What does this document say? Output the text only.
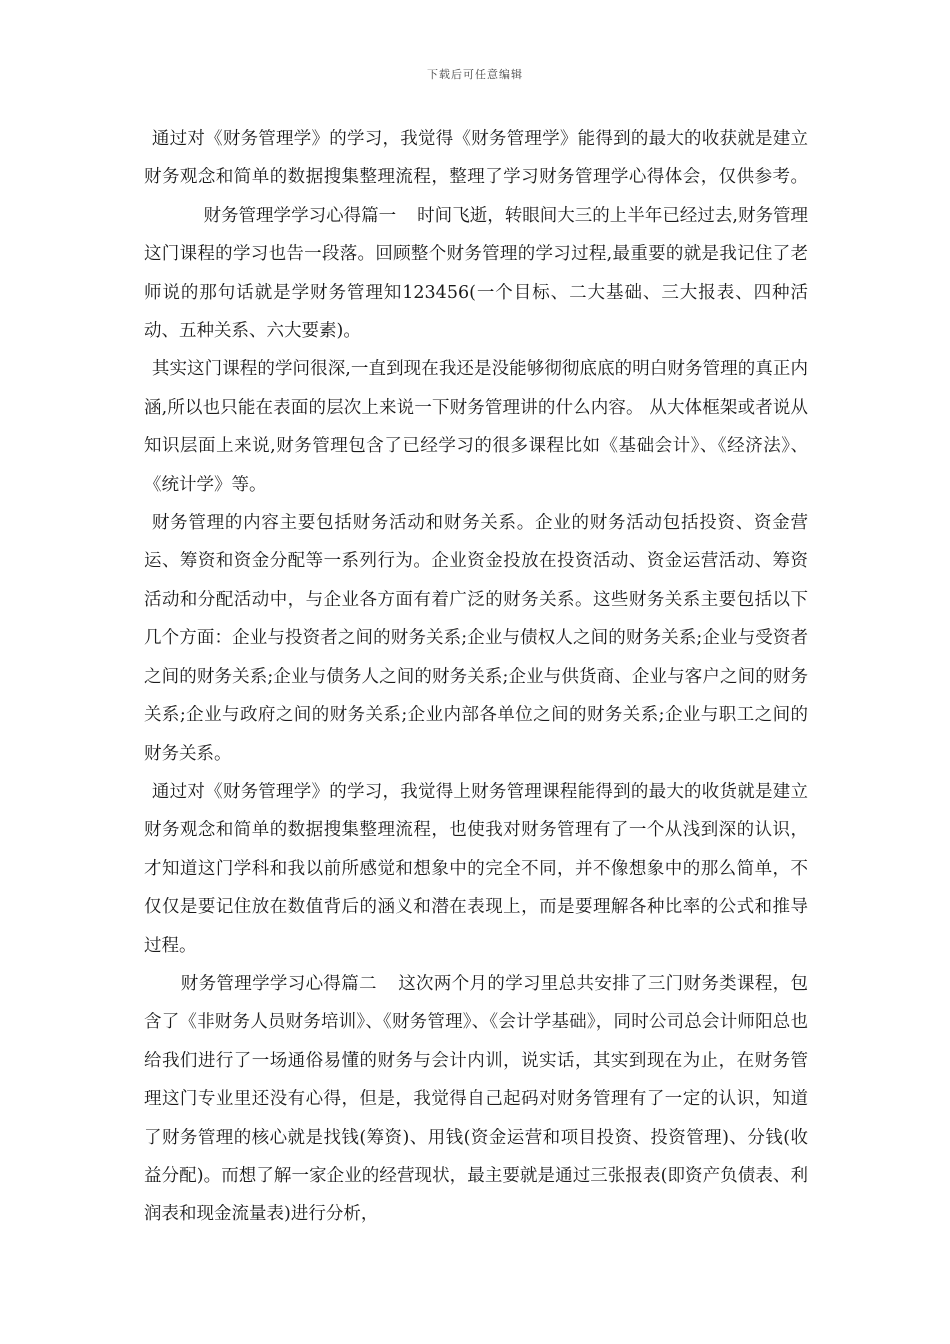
下载后可任意编辑

通过对《财务管理学》的学习，我觉得《财务管理学》能得到的最大的收获就是建立财务观念和简单的数据搜集整理流程，整理了学习财务管理学心得体会，仅供参考。财务管理学学习心得篇一 时间飞逝，转眼间大三的上半年已经过去,财务管理这门课程的学习也告一段落。回顾整个财务管理的学习过程,最重要的就是我记住了老师说的那句话就是学财务管理知123456(一个目标、二大基础、三大报表、四种活动、五种关系、六大要素)。

其实这门课程的学问很深,一直到现在我还是没能够彻彻底底的明白财务管理的真正内涵,所以也只能在表面的层次上来说一下财务管理讲的什么内容。 从大体框架或者说从知识层面上来说,财务管理包含了已经学习的很多课程比如《基础会计》、《经济法》、《统计学》等。

财务管理的内容主要包括财务活动和财务关系。企业的财务活动包括投资、资金营运、筹资和资金分配等一系列行为。企业资金投放在投资活动、资金运营活动、筹资活动和分配活动中，与企业各方面有着广泛的财务关系。这些财务关系主要包括以下几个方面：企业与投资者之间的财务关系;企业与债权人之间的财务关系;企业与受资者之间的财务关系;企业与债务人之间的财务关系;企业与供货商、企业与客户之间的财务关系;企业与政府之间的财务关系;企业内部各单位之间的财务关系;企业与职工之间的财务关系。

通过对《财务管理学》的学习，我觉得上财务管理课程能得到的最大的收货就是建立财务观念和简单的数据搜集整理流程，也使我对财务管理有了一个从浅到深的认识，才知道这门学科和我以前所感觉和想象中的完全不同，并不像想象中的那么简单，不仅仅是要记住放在数值背后的涵义和潜在表现上，而是要理解各种比率的公式和推导过程。

财务管理学学习心得篇二 这次两个月的学习里总共安排了三门财务类课程，包含了《非财务人员财务培训》、《财务管理》、《会计学基础》，同时公司总会计师阳总也给我们进行了一场通俗易懂的财务与会计内训，说实话，其实到现在为止，在财务管理这门专业里还没有心得，但是，我觉得自己起码对财务管理有了一定的认识，知道了财务管理的核心就是找钱(筹资)、用钱(资金运营和项目投资、投资管理)、分钱(收益分配)。而想了解一家企业的经营现状，最主要就是通过三张报表(即资产负债表、利润表和现金流量表)进行分析，
